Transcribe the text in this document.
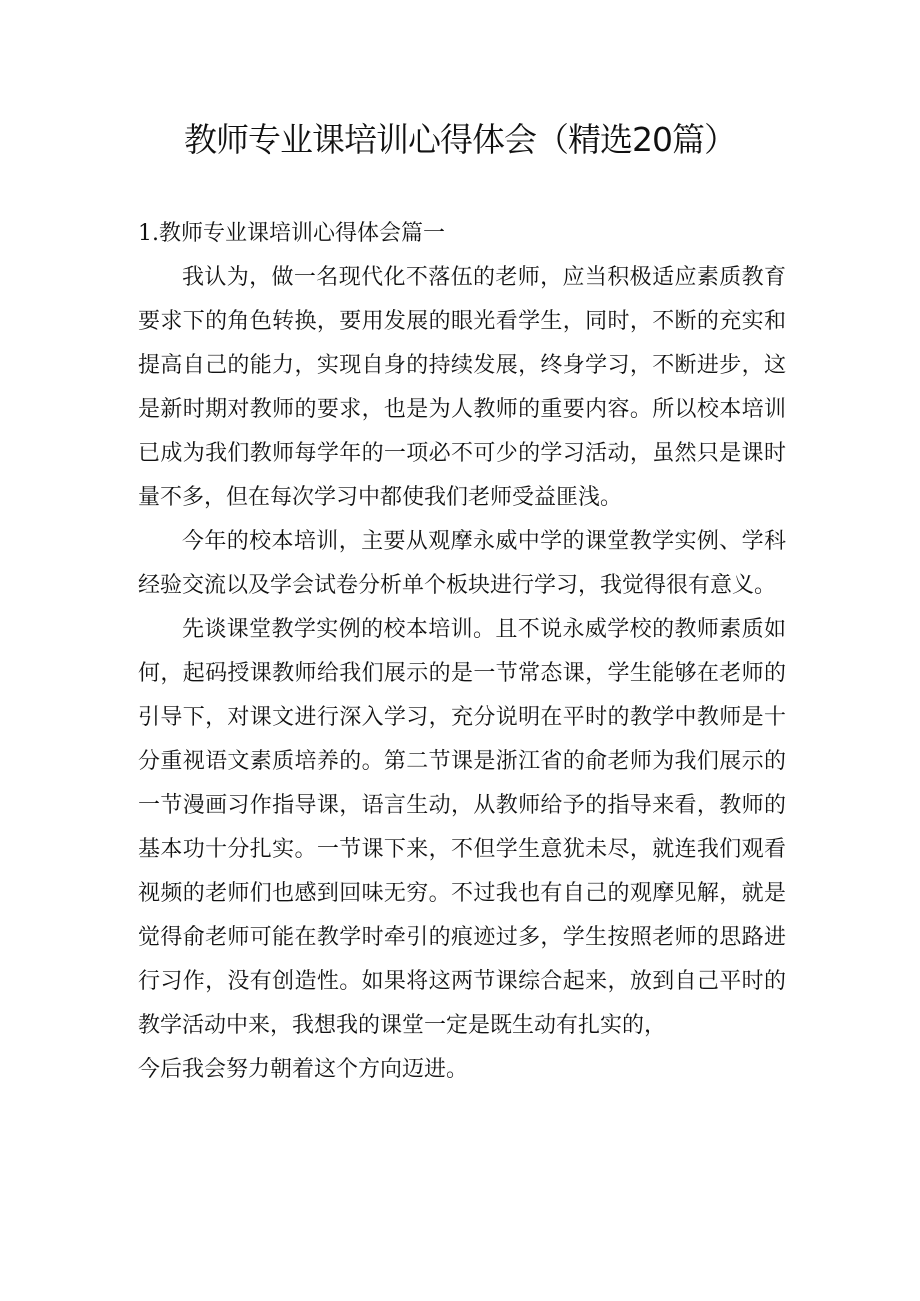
教师专业课培训心得体会（精选20篇）

1.教师专业课培训心得体会篇一

我认为，做一名现代化不落伍的老师，应当积极适应素质教育要求下的角色转换，要用发展的眼光看学生，同时，不断的充实和提高自己的能力，实现自身的持续发展，终身学习，不断进步，这是新时期对教师的要求，也是为人教师的重要内容。所以校本培训已成为我们教师每学年的一项必不可少的学习活动，虽然只是课时量不多，但在每次学习中都使我们老师受益匪浅。

今年的校本培训，主要从观摩永威中学的课堂教学实例、学科经验交流以及学会试卷分析单个板块进行学习，我觉得很有意义。

先谈课堂教学实例的校本培训。且不说永威学校的教师素质如何，起码授课教师给我们展示的是一节常态课，学生能够在老师的引导下，对课文进行深入学习，充分说明在平时的教学中教师是十分重视语文素质培养的。第二节课是浙江省的俞老师为我们展示的一节漫画习作指导课，语言生动，从教师给予的指导来看，教师的基本功十分扎实。一节课下来，不但学生意犹未尽，就连我们观看视频的老师们也感到回味无穷。不过我也有自己的观摩见解，就是觉得俞老师可能在教学时牵引的痕迹过多，学生按照老师的思路进行习作，没有创造性。如果将这两节课综合起来，放到自己平时的教学活动中来，我想我的课堂一定是既生动有扎实的，

今后我会努力朝着这个方向迈进。
